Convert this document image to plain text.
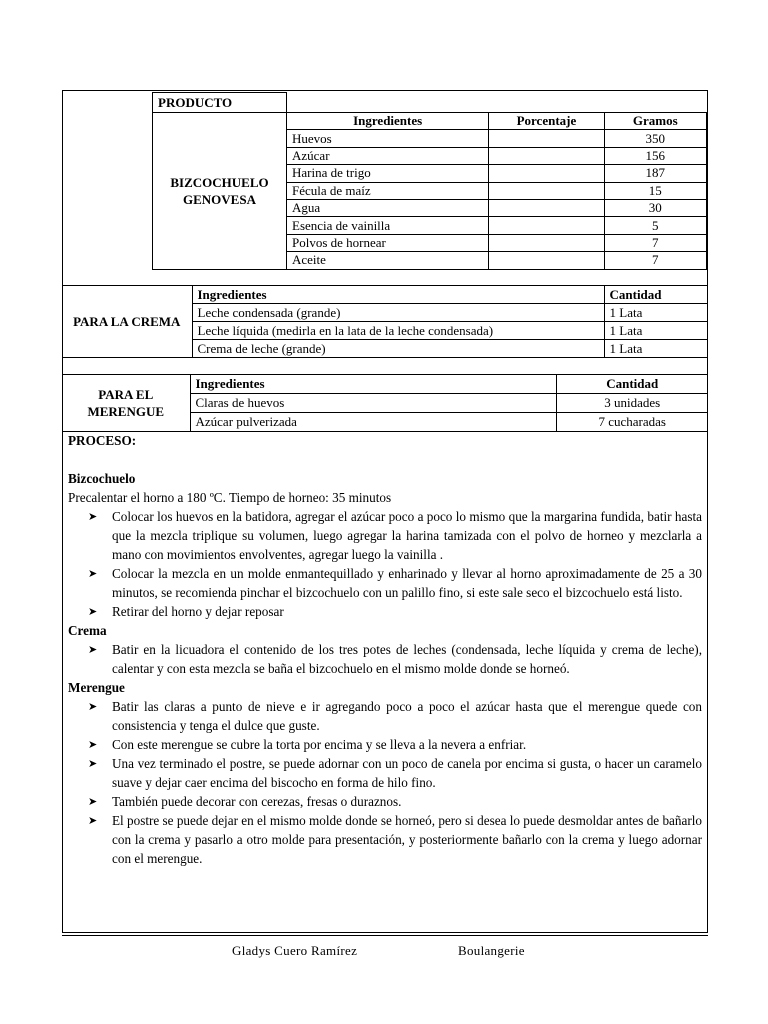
PRODUCTO			
BIZCOCHUELO GENOVESA	Ingredientes	Porcentaje	Gramos
	Huevos		350
	Azúcar		156
	Harina de trigo		187
	Fécula de maíz		15
	Agua		30
	Esencia de vainilla		5
	Polvos de hornear		7
	Aceite		7
PARA LA CREMA	Ingredientes	Cantidad
	Leche condensada (grande)	1 Lata
	Leche líquida (medirla en la lata de la leche condensada)	1 Lata
	Crema de leche (grande)	1 Lata
PARA EL MERENGUE	Ingredientes	Cantidad
	Claras de huevos	3 unidades
	Azúcar pulverizada	7 cucharadas
PROCESO:
Bizcochuelo
Precalentar el horno a 180 ºC. Tiempo de horneo: 35 minutos
➤ Colocar los huevos en la batidora, agregar el azúcar poco a poco lo mismo que la margarina fundida, batir hasta que la mezcla triplique su volumen, luego agregar la harina tamizada con el polvo de horneo y mezclarla a mano con movimientos envolventes, agregar luego la vainilla .
➤ Colocar la mezcla en un molde enmantequillado y enharinado y llevar al horno aproximadamente de 25 a 30 minutos, se recomienda pinchar el bizcochuelo con un palillo fino, si este sale seco el bizcochuelo está listo.
➤ Retirar del horno y dejar reposar
Crema
➤ Batir en la licuadora el contenido de los tres potes de leches (condensada, leche líquida y crema de leche), calentar y con esta mezcla se baña el bizcochuelo en el mismo molde donde se horneó.
Merengue
➤ Batir las claras a punto de nieve e ir agregando poco a poco el azúcar hasta que el merengue quede con consistencia y tenga el dulce que guste.
➤ Con este merengue se cubre la torta por encima y se lleva a la nevera a enfriar.
➤ Una vez terminado el postre, se puede adornar con un poco de canela por encima si gusta, o hacer un caramelo suave y dejar caer encima del biscocho en forma de hilo fino.
➤ También puede decorar con cerezas, fresas o duraznos.
➤ El postre se puede dejar en el mismo molde donde se horneó, pero si desea lo puede desmoldar antes de bañarlo con la crema y pasarlo a otro molde para presentación, y posteriormente bañarlo con la crema y luego adornar con el merengue.
Gladys Cuero Ramírez	Boulangerie
